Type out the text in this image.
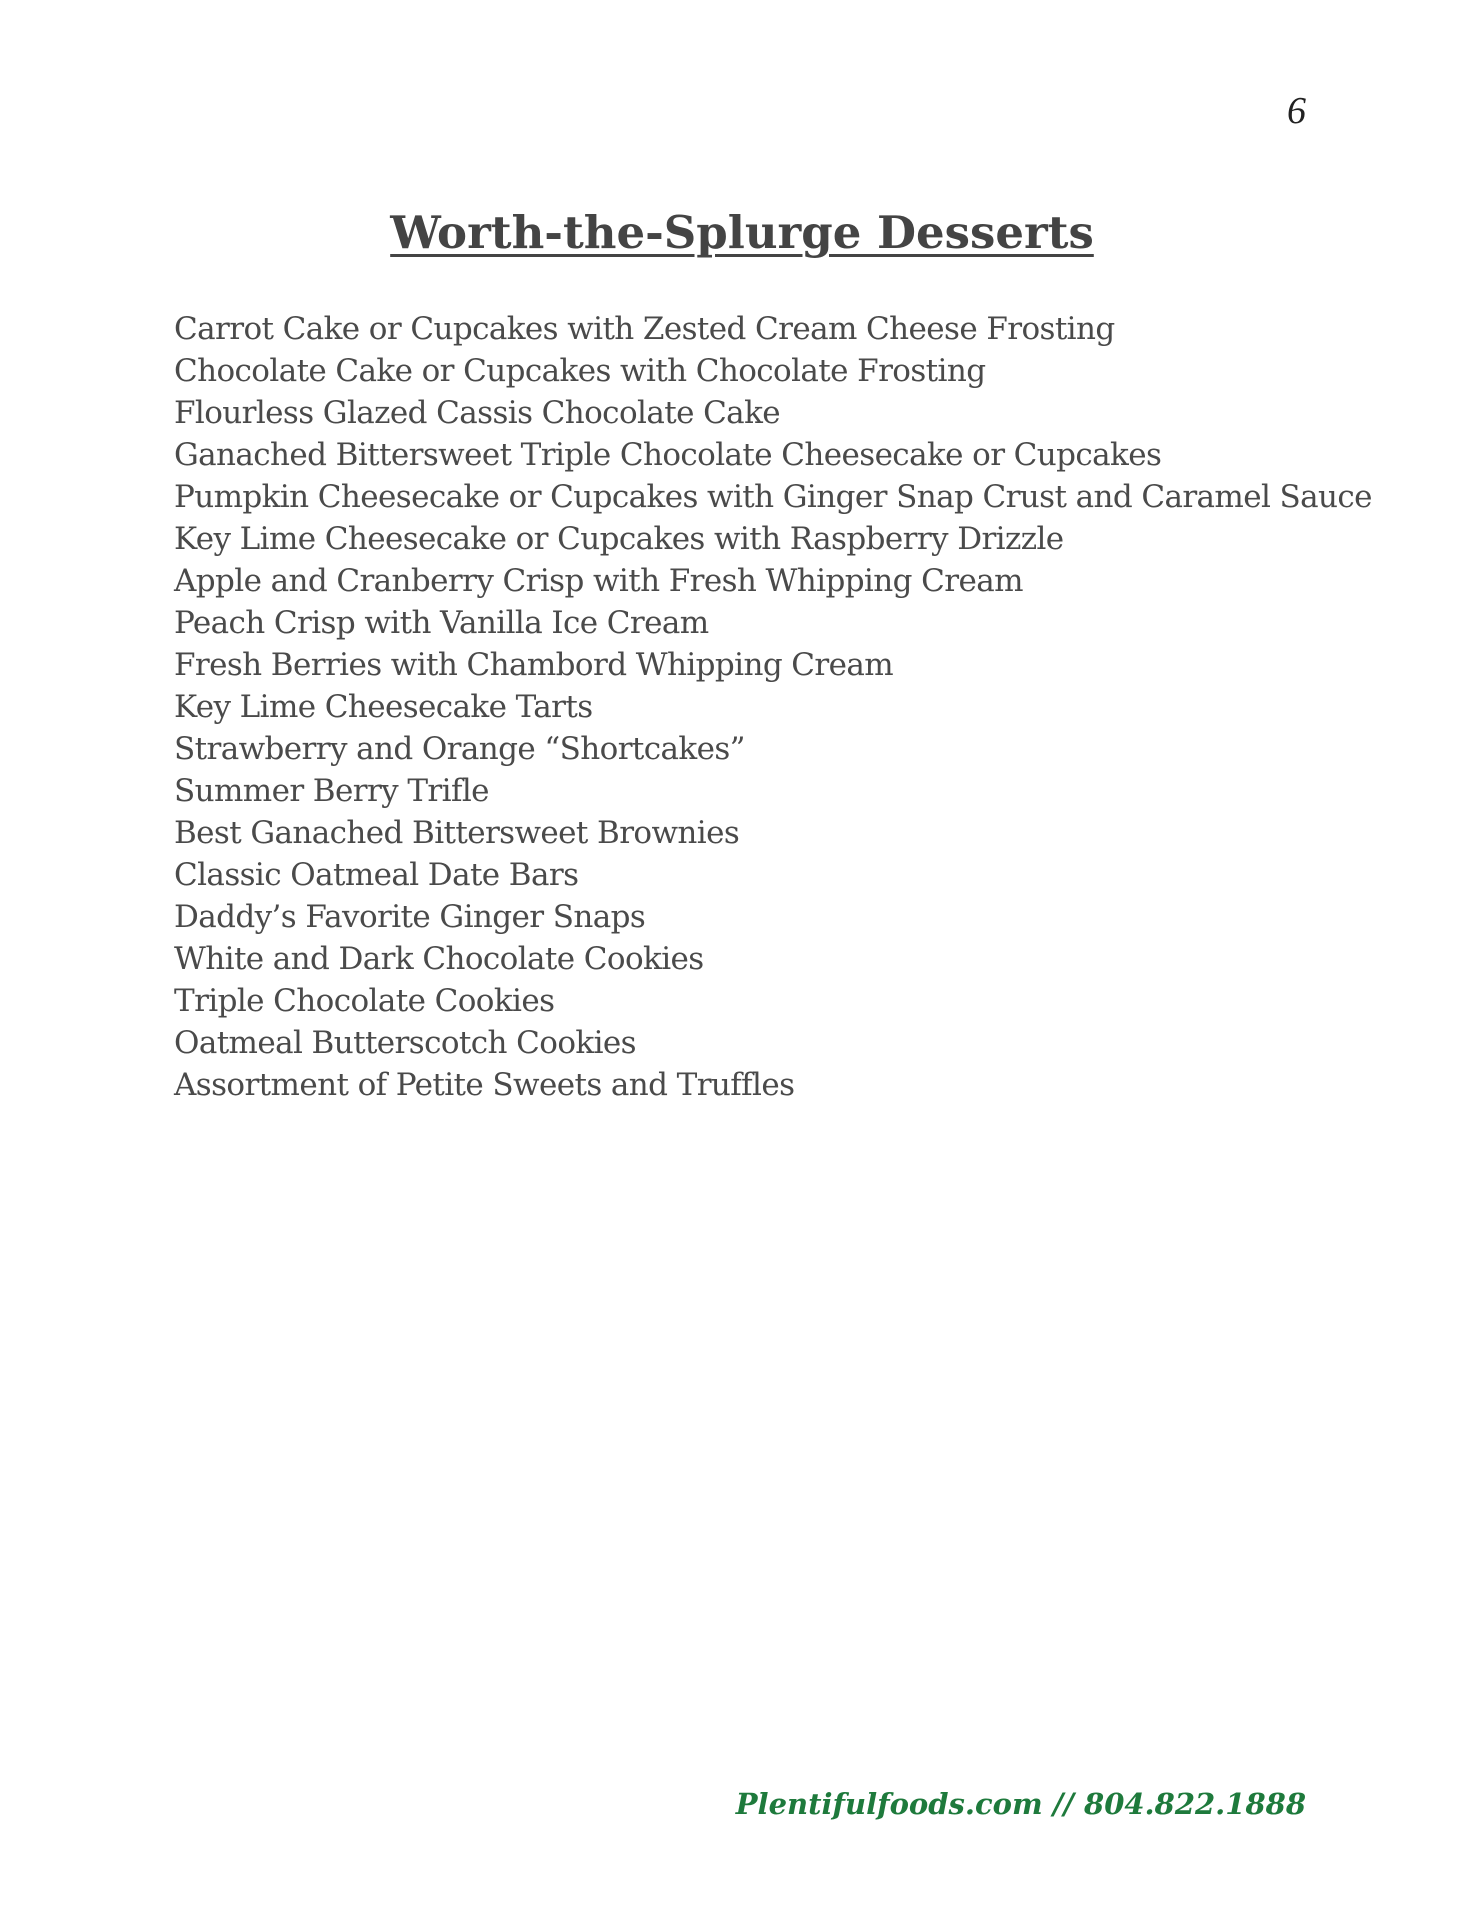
6
Worth-the-Splurge Desserts
Carrot Cake or Cupcakes with Zested Cream Cheese Frosting
Chocolate Cake or Cupcakes with Chocolate Frosting
Flourless Glazed Cassis Chocolate Cake
Ganached Bittersweet Triple Chocolate Cheesecake or Cupcakes
Pumpkin Cheesecake or Cupcakes with Ginger Snap Crust and Caramel Sauce
Key Lime Cheesecake or Cupcakes with Raspberry Drizzle
Apple and Cranberry Crisp with Fresh Whipping Cream
Peach Crisp with Vanilla Ice Cream
Fresh Berries with Chambord Whipping Cream
Key Lime Cheesecake Tarts
Strawberry and Orange “Shortcakes”
Summer Berry Trifle
Best Ganached Bittersweet Brownies
Classic Oatmeal Date Bars
Daddy’s Favorite Ginger Snaps
White and Dark Chocolate Cookies
Triple Chocolate Cookies
Oatmeal Butterscotch Cookies
Assortment of Petite Sweets and Truffles
Plentifulfoods.com // 804.822.1888
